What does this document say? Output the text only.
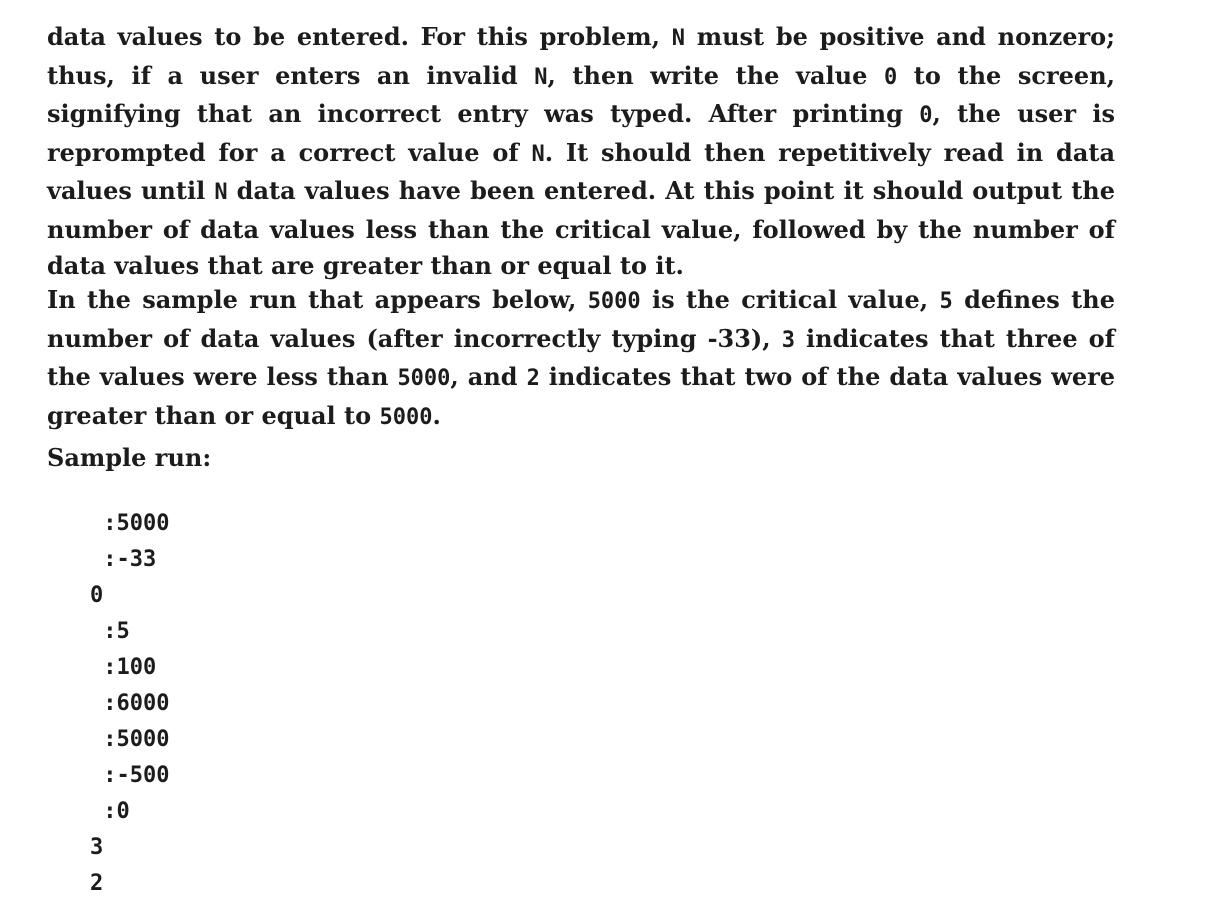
data values to be entered. For this problem, N must be positive and nonzero; thus, if a user enters an invalid N, then write the value 0 to the screen, signifying that an incorrect entry was typed. After printing 0, the user is reprompted for a correct value of N. It should then repetitively read in data values until N data values have been entered. At this point it should output the number of data values less than the critical value, followed by the number of data values that are greater than or equal to it.

In the sample run that appears below, 5000 is the critical value, 5 defines the number of data values (after incorrectly typing -33), 3 indicates that three of the values were less than 5000, and 2 indicates that two of the data values were greater than or equal to 5000.

Sample run:

:5000
:-33
0
:5
:100
:6000
:5000
:-500
:0
3
2
